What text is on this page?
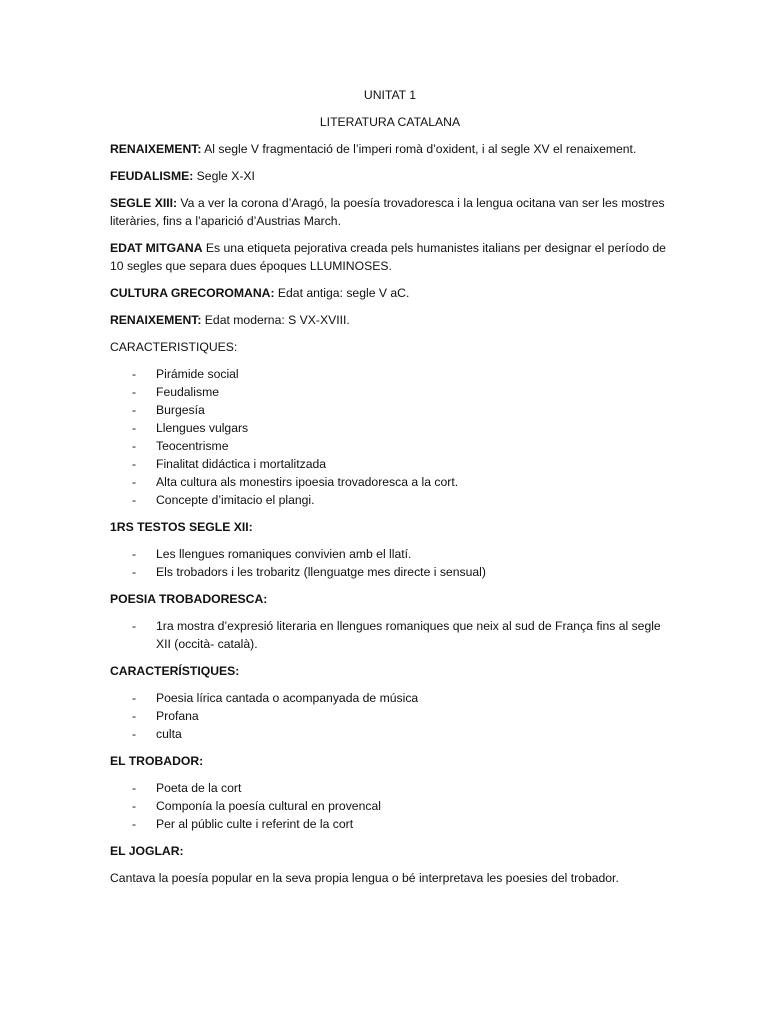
UNITAT 1
LITERATURA CATALANA

RENAIXEMENT: Al segle V fragmentació de l’imperi romà d’oxident, i al segle XV el renaixement.

FEUDALISME: Segle X-XI

SEGLE XIII: Va a ver la corona d’Aragó, la poesía trovadoresca i la lengua ocitana van ser les mostres literàries, fins a l’aparició d’Austrias March.

EDAT MITGANA Es una etiqueta pejorativa creada pels humanistes italians per designar el período de 10 segles que separa dues époques LLUMINOSES.

CULTURA GRECOROMANA: Edat antiga: segle V aC.

RENAIXEMENT: Edat moderna: S VX-XVIII.

CARACTERISTIQUES:
- Pirámide social
- Feudalisme
- Burgesía
- Llengues vulgars
- Teocentrisme
- Finalitat didáctica i mortalitzada
- Alta cultura als monestirs ipoesia trovadoresca a la cort.
- Concepte d’imitacio el plangi.
1RS TESTOS SEGLE XII:
- Les llengues romaniques convivien amb el llatí.
- Els trobadors i les trobaritz (llenguatge mes directe i sensual)
POESIA TROBADORESCA:
- 1ra mostra d’expresió literaria en llengues romaniques que neix al sud de França fins al segle XII (occità- català).
CARACTERÍSTIQUES:
- Poesia lírica cantada o acompanyada de música
- Profana
- culta
EL TROBADOR:
- Poeta de la cort
- Componía la poesía cultural en provencal
- Per al públic culte i referint de la cort
EL JOGLAR:

Cantava la poesía popular en la seva propia lengua o bé interpretava les poesies del trobador.
